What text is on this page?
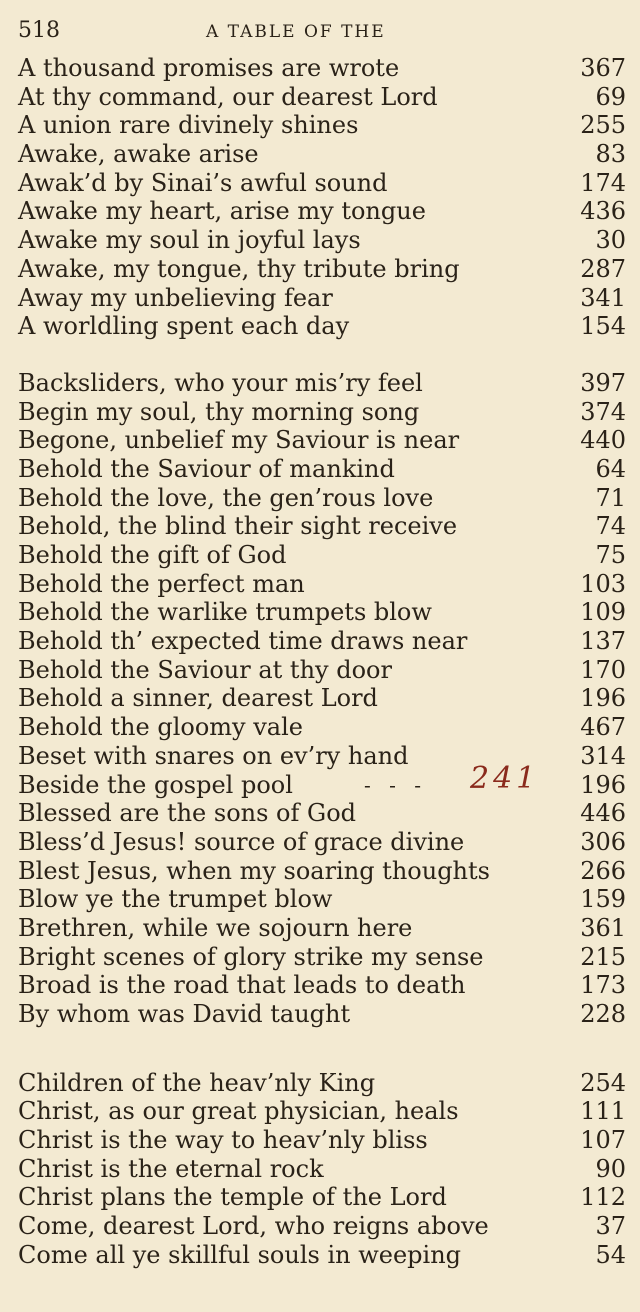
518	A TABLE OF THE
A thousand promises are wrote	367
At thy command, our dearest Lord	69
A union rare divinely shines	255
Awake, awake arise	83
Awak’d by Sinai’s awful sound	174
Awake my heart, arise my tongue	436
Awake my soul in joyful lays	30
Awake, my tongue, thy tribute bring	287
Away my unbelieving fear	341
A worldling spent each day	154
Backsliders, who your mis’ry feel	397
Begin my soul, thy morning song	374
Begone, unbelief my Saviour is near	440
Behold the Saviour of mankind	64
Behold the love, the gen’rous love	71
Behold, the blind their sight receive	74
Behold the gift of God	75
Behold the perfect man	103
Behold the warlike trumpets blow	109
Behold th’ expected time draws near	137
Behold the Saviour at thy door	170
Behold a sinner, dearest Lord	196
Behold the gloomy vale	467
Beset with snares on ev’ry hand	314
Beside the gospel pool	- - - 241 196
Blessed are the sons of God	446
Bless’d Jesus! source of grace divine	306
Blest Jesus, when my soaring thoughts	266
Blow ye the trumpet blow	159
Brethren, while we sojourn here	361
Bright scenes of glory strike my sense	215
Broad is the road that leads to death	173
By whom was David taught	228
Children of the heav’nly King	254
Christ, as our great physician, heals	111
Christ is the way to heav’nly bliss	107
Christ is the eternal rock	90
Christ plans the temple of the Lord	112
Come, dearest Lord, who reigns above	37
Come all ye skillful souls in weeping	54
